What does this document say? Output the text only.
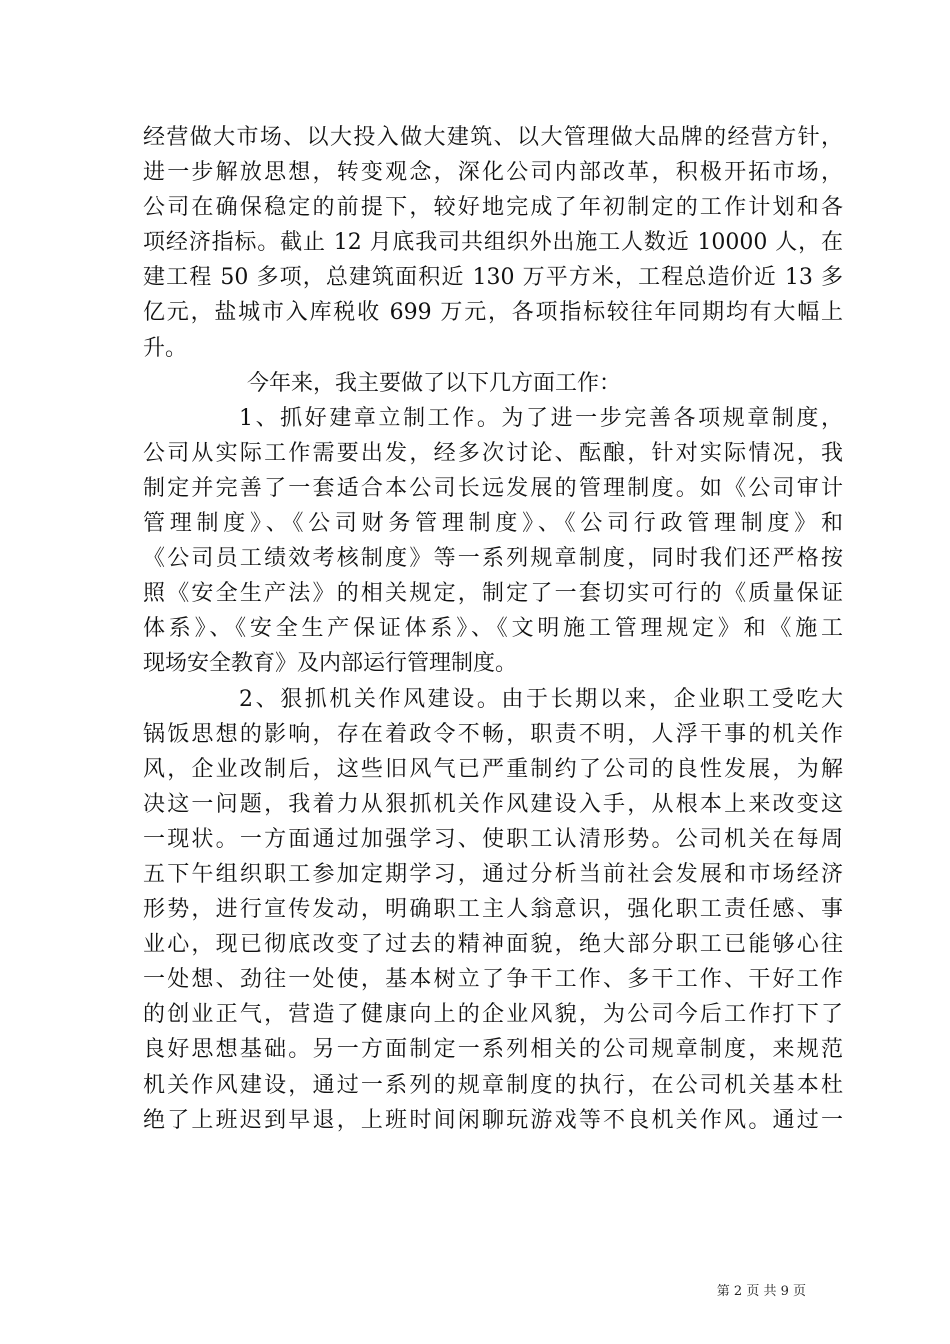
经营做大市场、以大投入做大建筑、以大管理做大品牌的经营方针，
进一步解放思想，转变观念，深化公司内部改革，积极开拓市场，
公司在确保稳定的前提下，较好地完成了年初制定的工作计划和各
项经济指标。截止 12 月底我司共组织外出施工人数近 10000 人，在
建工程 50 多项，总建筑面积近 130 万平方米，工程总造价近 13 多
亿元，盐城市入库税收 699 万元，各项指标较往年同期均有大幅上
升。
今年来，我主要做了以下几方面工作：
1、抓好建章立制工作。为了进一步完善各项规章制度，
公司从实际工作需要出发，经多次讨论、酝酿，针对实际情况，我
制定并完善了一套适合本公司长远发展的管理制度。如《公司审计
管理制度》、《公司财务管理制度》、《公司行政管理制度》和
《公司员工绩效考核制度》等一系列规章制度，同时我们还严格按
照《安全生产法》的相关规定，制定了一套切实可行的《质量保证
体系》、《安全生产保证体系》、《文明施工管理规定》和《施工
现场安全教育》及内部运行管理制度。
2、狠抓机关作风建设。由于长期以来，企业职工受吃大
锅饭思想的影响，存在着政令不畅，职责不明，人浮干事的机关作
风，企业改制后，这些旧风气已严重制约了公司的良性发展，为解
决这一问题，我着力从狠抓机关作风建设入手，从根本上来改变这
一现状。一方面通过加强学习、使职工认清形势。公司机关在每周
五下午组织职工参加定期学习，通过分析当前社会发展和市场经济
形势，进行宣传发动，明确职工主人翁意识，强化职工责任感、事
业心，现已彻底改变了过去的精神面貌，绝大部分职工已能够心往
一处想、劲往一处使，基本树立了争干工作、多干工作、干好工作
的创业正气，营造了健康向上的企业风貌，为公司今后工作打下了
良好思想基础。另一方面制定一系列相关的公司规章制度，来规范
机关作风建设，通过一系列的规章制度的执行，在公司机关基本杜
绝了上班迟到早退，上班时间闲聊玩游戏等不良机关作风。通过一
第 2 页 共 9 页
